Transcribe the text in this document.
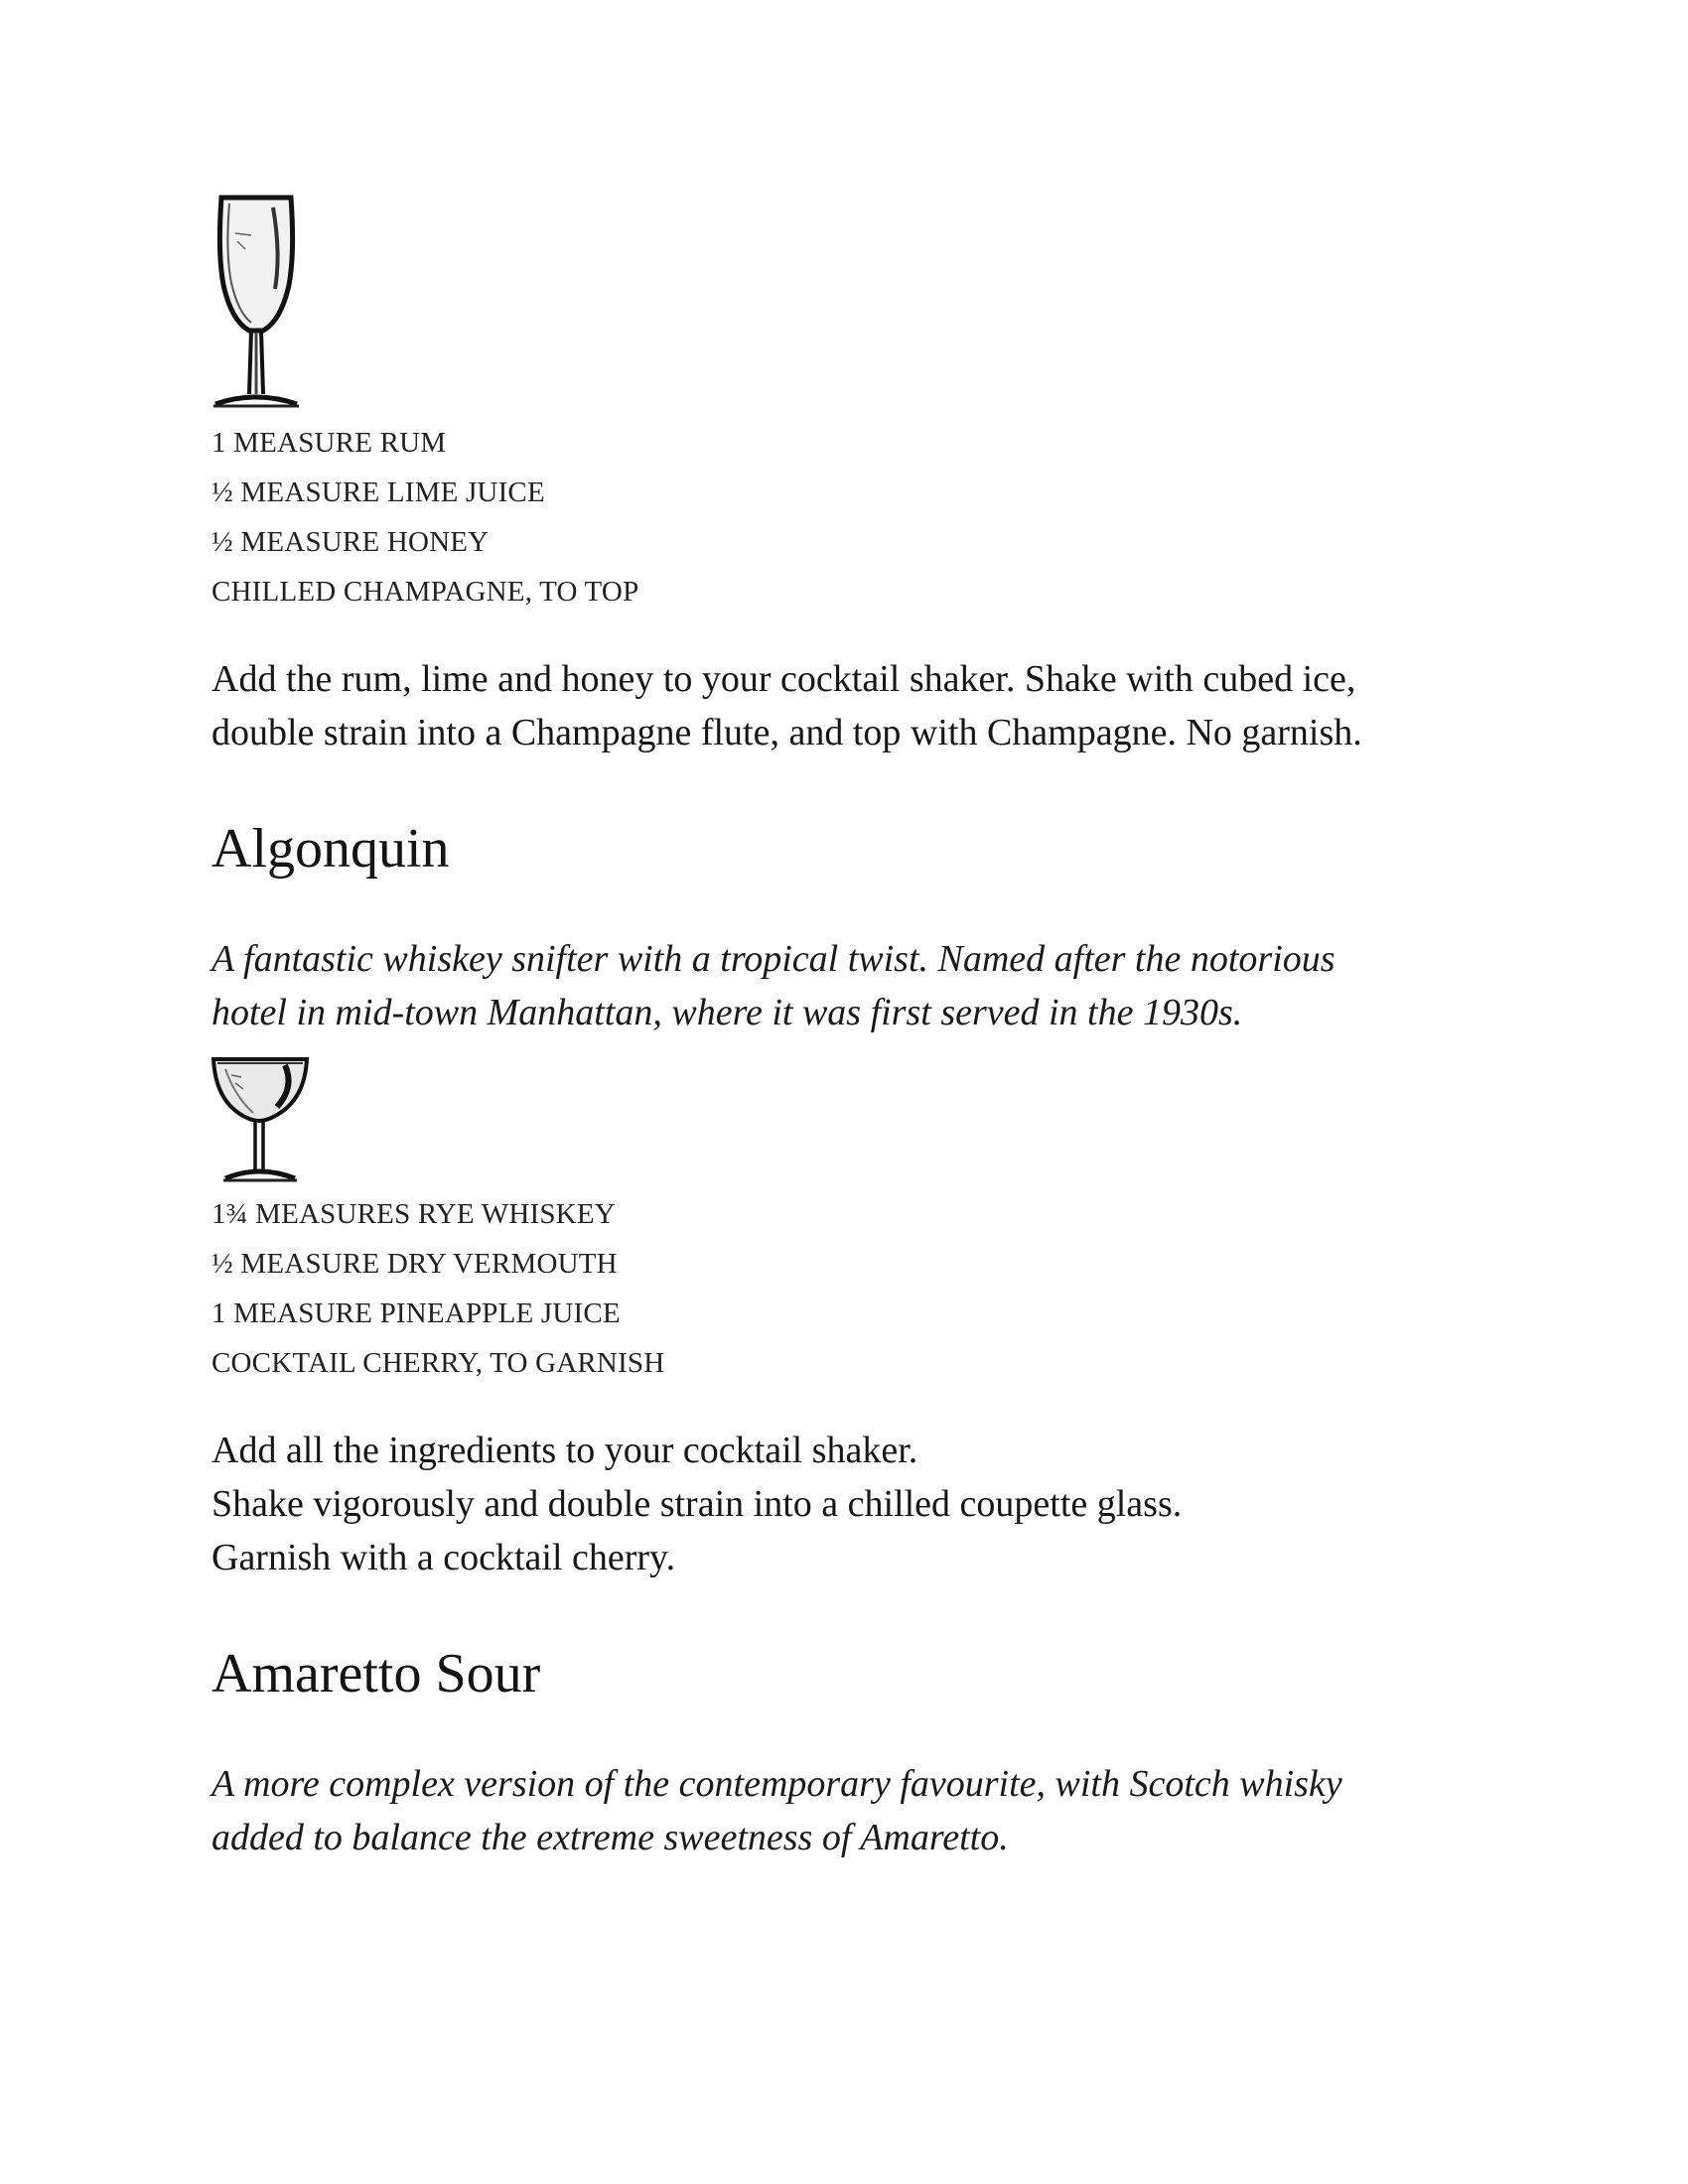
1 MEASURE RUM
½ MEASURE LIME JUICE
½ MEASURE HONEY
CHILLED CHAMPAGNE, TO TOP

Add the rum, lime and honey to your cocktail shaker. Shake with cubed ice,
double strain into a Champagne flute, and top with Champagne. No garnish.

Algonquin

A fantastic whiskey snifter with a tropical twist. Named after the notorious
hotel in mid-town Manhattan, where it was first served in the 1930s.

1¾ MEASURES RYE WHISKEY
½ MEASURE DRY VERMOUTH
1 MEASURE PINEAPPLE JUICE
COCKTAIL CHERRY, TO GARNISH

Add all the ingredients to your cocktail shaker.
Shake vigorously and double strain into a chilled coupette glass.
Garnish with a cocktail cherry.

Amaretto Sour

A more complex version of the contemporary favourite, with Scotch whisky
added to balance the extreme sweetness of Amaretto.
